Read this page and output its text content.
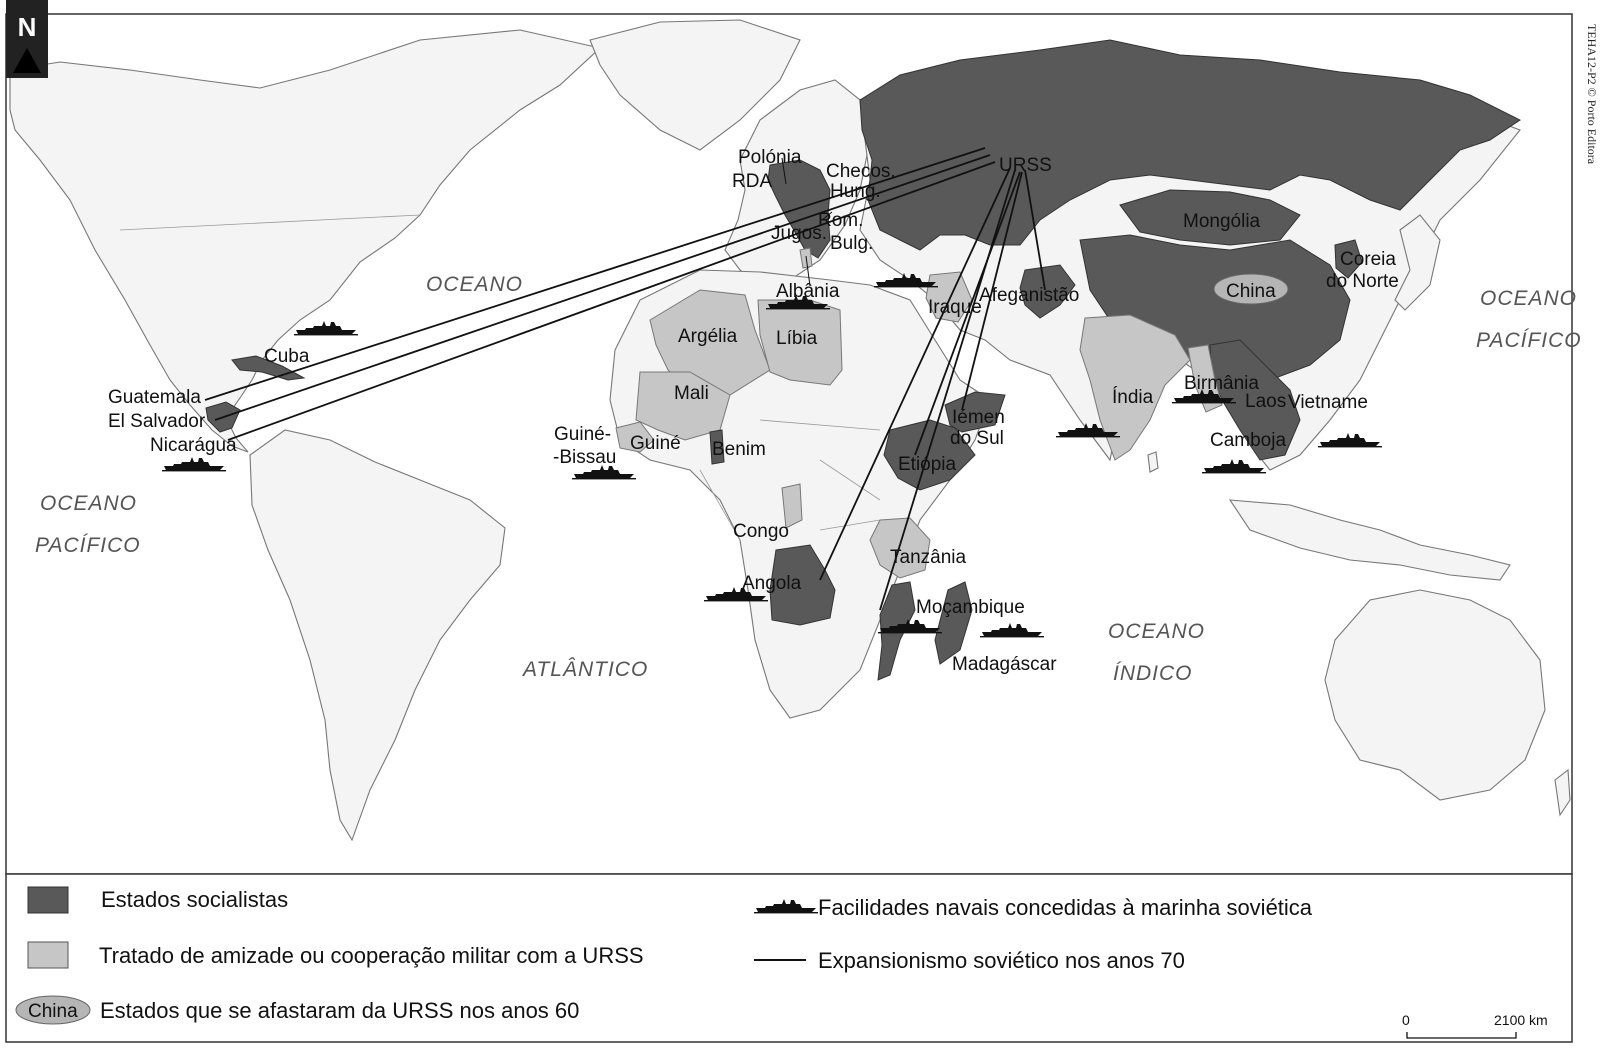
N	TEHA12-P2 © Porto Editora
OCEANO
OCEANO
PACÍFICO
ATLÂNTICO
OCEANO
PACÍFICO
OCEANO
ÍNDICO
URSS
Polónia
RDA	Checos.
Hung.
Rom.
Jugos. Bulg.
Albânia
Mongólia
China
Coreia
do Norte
Afeganistão
Iraque
Argélia Líbia
Mali
Guiné-
-Bissau
Guiné Benim
Cuba
Guatemala
El Salvador
Nicarágua
Iémen
do Sul
Etiópia
Índia
Birmânia
Laos Vietname
Camboja
Congo
Angola
Tanzânia
Moçambique
Madagáscar
Estados socialistas
Tratado de amizade ou cooperação militar com a URSS
China Estados que se afastaram da URSS nos anos 60
Facilidades navais concedidas à marinha soviética
Expansionismo soviético nos anos 70
0	2100 km
